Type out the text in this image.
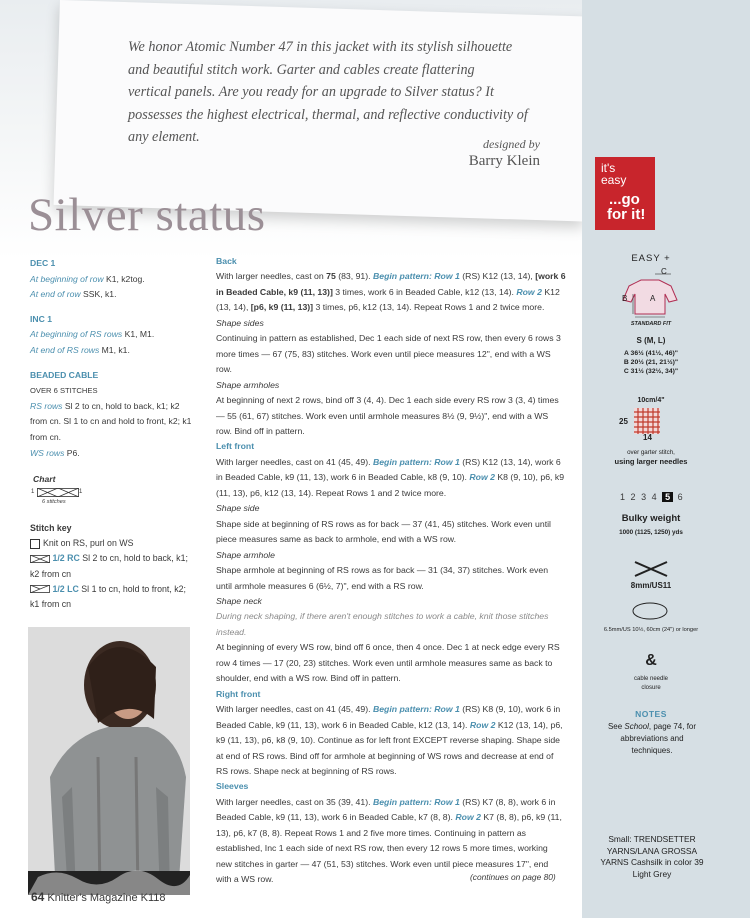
We honor Atomic Number 47 in this jacket with its stylish silhouette
and beautiful stitch work. Garter and cables create flattering
vertical panels. Are you ready for an upgrade to Silver status? It
possesses the highest electrical, thermal, and reflective conductivity of
any element.	designed by
Barry Klein
Silver status
it's
easy
...go
for it!
EASY +
C
B	A
STANDARD FIT
S (M, L)
A 36½ (41½, 46)"
B 20½ (21, 21½)"
C 31½ (32½, 34)"
10cm/4"
25
14
over garter stitch,
using larger needles
1 2 3 4 5 6
Bulky weight
1000 (1125, 1250) yds
8mm/US11
6.5mm/US 10½, 60cm (24") or longer
&
cable needle
closure
NOTES
See School, page 74, for abbreviations and techniques.
Small: TRENDSETTER YARNS/LANA GROSSA YARNS Cashsilk in color 39 Light Grey
DEC 1
At beginning of row K1, k2tog.
At end of row SSK, k1.
INC 1
At beginning of RS rows K1, M1.
At end of RS rows M1, k1.
BEADED CABLE
OVER 6 STITCHES
RS rows Sl 2 to cn, hold to back, k1; k2 from cn. Sl 1 to cn and hold to front, k2; k1 from cn.
WS rows P6.
Chart
1	1
6 stitches
Stitch key
Knit on RS, purl on WS
1/2 RC Sl 2 to cn, hold to back, k1; k2 from cn
1/2 LC Sl 1 to cn, hold to front, k2; k1 from cn
Back
With larger needles, cast on 75 (83, 91). Begin pattern: Row 1 (RS) K12 (13, 14), [work 6 in Beaded Cable, k9 (11, 13)] 3 times, work 6 in Beaded Cable, k12 (13, 14). Row 2 K12 (13, 14), [p6, k9 (11, 13)] 3 times, p6, k12 (13, 14). Repeat Rows 1 and 2 twice more.
Shape sides
Continuing in pattern as established, Dec 1 each side of next RS row, then every 6 rows 3 more times — 67 (75, 83) stitches. Work even until piece measures 12", end with a WS row.
Shape armholes
At beginning of next 2 rows, bind off 3 (4, 4). Dec 1 each side every RS row 3 (3, 4) times — 55 (61, 67) stitches. Work even until armhole measures 8½ (9, 9½)", end with a WS row. Bind off in pattern.
Left front
With larger needles, cast on 41 (45, 49). Begin pattern: Row 1 (RS) K12 (13, 14), work 6 in Beaded Cable, k9 (11, 13), work 6 in Beaded Cable, k8 (9, 10). Row 2 K8 (9, 10), p6, k9 (11, 13), p6, k12 (13, 14). Repeat Rows 1 and 2 twice more.
Shape side
Shape side at beginning of RS rows as for back — 37 (41, 45) stitches. Work even until piece measures same as back to armhole, end with a WS row.
Shape armhole
Shape armhole at beginning of RS rows as for back — 31 (34, 37) stitches. Work even until armhole measures 6 (6½, 7)", end with a RS row.
Shape neck
During neck shaping, if there aren't enough stitches to work a cable, knit those stitches instead.
At beginning of every WS row, bind off 6 once, then 4 once. Dec 1 at neck edge every RS row 4 times — 17 (20, 23) stitches. Work even until armhole measures same as back to shoulder, end with a WS row. Bind off in pattern.
Right front
With larger needles, cast on 41 (45, 49). Begin pattern: Row 1 (RS) K8 (9, 10), work 6 in Beaded Cable, k9 (11, 13), work 6 in Beaded Cable, k12 (13, 14). Row 2 K12 (13, 14), p6, k9 (11, 13), p6, k8 (9, 10). Continue as for left front EXCEPT reverse shaping. Shape side at end of RS rows. Bind off for armhole at beginning of WS rows and decrease at end of RS rows. Shape neck at beginning of RS rows.
Sleeves
With larger needles, cast on 35 (39, 41). Begin pattern: Row 1 (RS) K7 (8, 8), work 6 in Beaded Cable, k9 (11, 13), work 6 in Beaded Cable, k7 (8, 8). Row 2 K7 (8, 8), p6, k9 (11, 13), p6, k7 (8, 8). Repeat Rows 1 and 2 five more times. Continuing in pattern as established, Inc 1 each side of next RS row, then every 12 rows 5 more times, working new stitches in garter — 47 (51, 53) stitches. Work even until piece measures 17", end with a WS row.	(continues on page 80)
64 Knitter's Magazine K118
